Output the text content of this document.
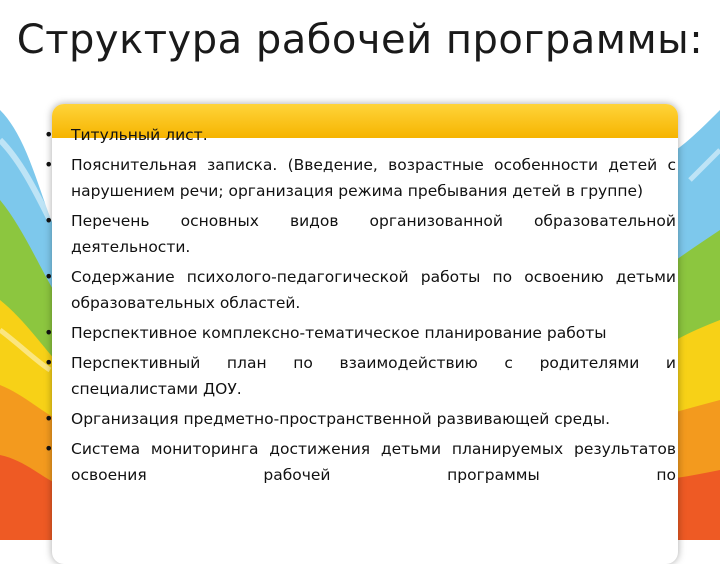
Структура рабочей программы:
• Титульный лист.
• Пояснительная записка. (Введение, возрастные особенности детей с нарушением речи; организация режима пребывания детей в группе)
• Перечень основных видов организованной образовательной деятельности.
• Содержание психолого-педагогической работы по освоению детьми образовательных областей.
• Перспективное комплексно-тематическое планирование работы
• Перспективный план по взаимодействию с родителями и специалистами ДОУ.
• Организация предметно-пространственной развивающей среды.
• Система мониторинга достижения детьми планируемых результатов освоения рабочей программы по
